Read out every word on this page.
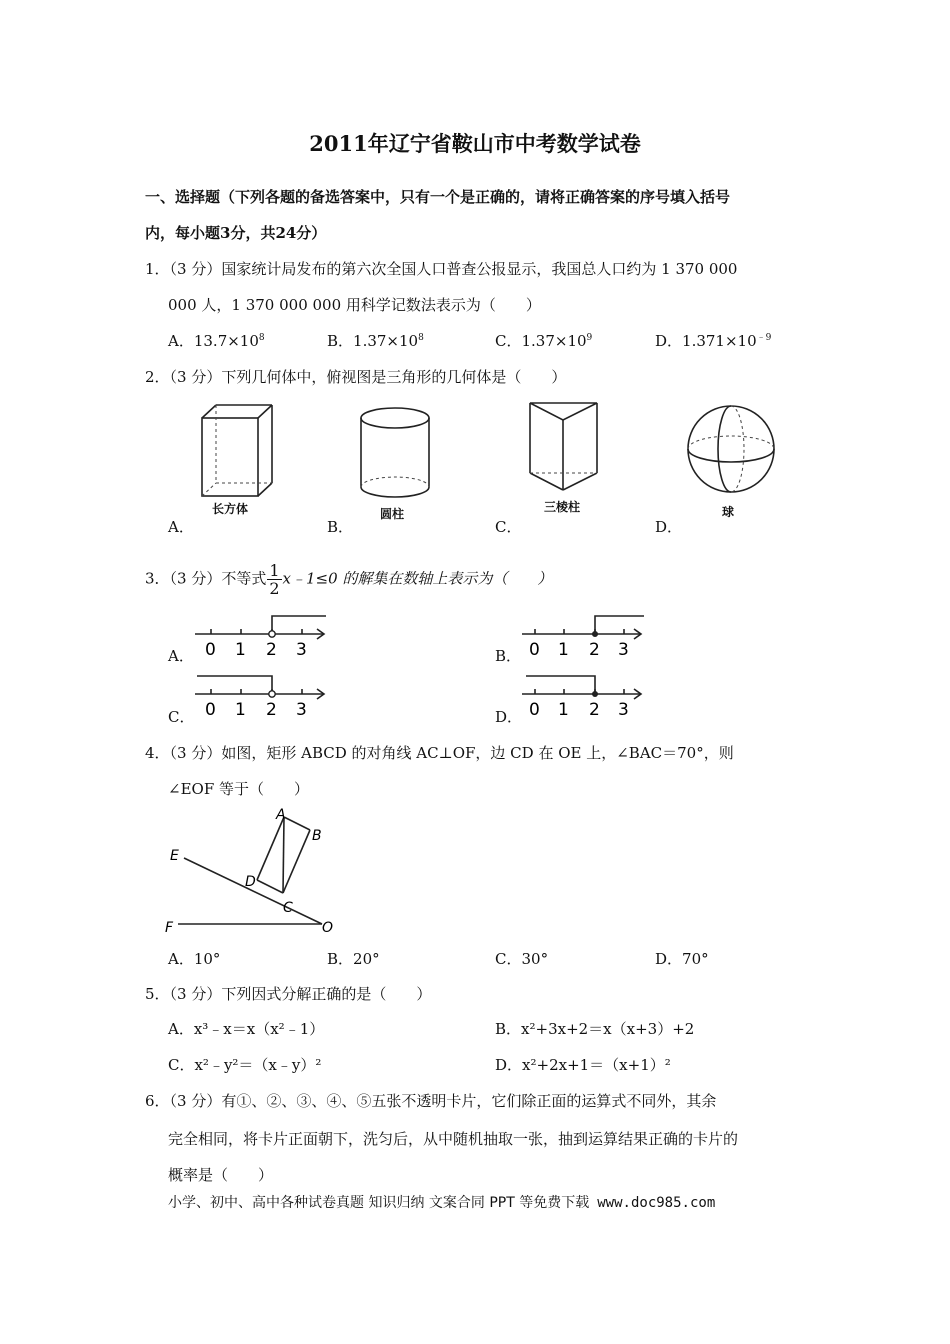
2011年辽宁省鞍山市中考数学试卷
一、选择题（下列各题的备选答案中，只有一个是正确的，请将正确答案的序号填入括号
内，每小题3分，共24分）
1．（3 分）国家统计局发布的第六次全国人口普查公报显示，我国总人口约为 1 370 000
000 人，1 370 000 000 用科学记数法表示为（　　）
A．$13.7\times 10^8$	B．$1.37\times 10^8$	C．$1.37\times 10^9$	D．$1.371\times 10^{﹣9}$
2．（3 分）下列几何体中，俯视图是三角形的几何体是（　　）
长方体	圆柱	三棱柱	球
A．	B．	C．	D．
3．（3 分）不等式 $\frac{1}{2}$ x﹣1≤0 的解集在数轴上表示为（　　）
A．	B．
C．	D．
0 1 2 3	0 1 2 3
0 1 2 3	0 1 2 3
4．（3 分）如图，矩形 ABCD 的对角线 AC⊥OF，边 CD 在 OE 上，∠BAC＝70°，则
∠EOF 等于（　　）
A
B
C
D
E
F	O
A．10°	B．20°	C．30°	D．70°
5．（3 分）下列因式分解正确的是（　　）
A．x³﹣x＝x（x²﹣1）	B．x²+3x+2＝x（x+3）+2
C．x²﹣y²＝（x﹣y）²	D．x²+2x+1＝（x+1）²
6．（3 分）有①、②、③、④、⑤五张不透明卡片，它们除正面的运算式不同外，其余
完全相同，将卡片正面朝下，洗匀后，从中随机抽取一张，抽到运算结果正确的卡片的
概率是（　　）
小学、初中、高中各种试卷真题 知识归纳 文案合同 PPT 等免费下载 www.doc985.com
